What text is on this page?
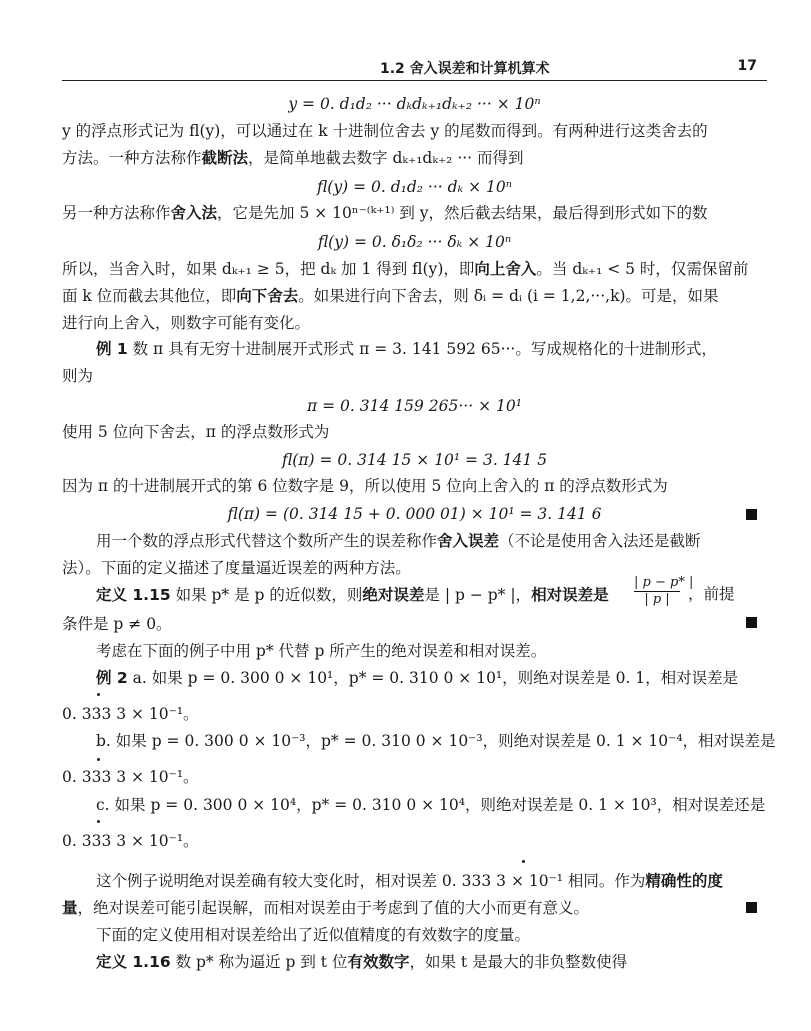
1.2 舍入误差和计算机算术	17
y = 0. d₁d₂ ··· dₖdₖ₊₁dₖ₊₂ ··· × 10ⁿ
y 的浮点形式记为 fl(y)，可以通过在 k 十进制位舍去 y 的尾数而得到。有两种进行这类舍去的
方法。一种方法称作截断法，是简单地截去数字 dₖ₊₁dₖ₊₂ ··· 而得到
fl(y) = 0. d₁d₂ ··· dₖ × 10ⁿ
另一种方法称作舍入法，它是先加 5 × 10ⁿ⁻⁽ᵏ⁺¹⁾ 到 y，然后截去结果，最后得到形式如下的数
fl(y) = 0. δ₁δ₂ ··· δₖ × 10ⁿ
所以，当舍入时，如果 dₖ₊₁ ≥ 5，把 dₖ 加 1 得到 fl(y)，即向上舍入。当 dₖ₊₁ < 5 时，仅需保留前
面 k 位而截去其他位，即向下舍去。如果进行向下舍去，则 δᵢ = dᵢ (i = 1,2,···,k)。可是，如果
进行向上舍入，则数字可能有变化。
例 1 数 π 具有无穷十进制展开式形式 π = 3. 141 592 65···。写成规格化的十进制形式，
则为
π = 0. 314 159 265··· × 10¹
使用 5 位向下舍去，π 的浮点数形式为
fl(π) = 0. 314 15 × 10¹ = 3. 141 5
因为 π 的十进制展开式的第 6 位数字是 9，所以使用 5 位向上舍入的 π 的浮点数形式为
fl(π) = (0. 314 15 + 0. 000 01) × 10¹ = 3. 141 6
用一个数的浮点形式代替这个数所产生的误差称作舍入误差（不论是使用舍入法还是截断
法）。下面的定义描述了度量逼近误差的两种方法。
定义 1.15 如果 p* 是 p 的近似数，则绝对误差是 | p − p* |，相对误差是
| p − p* |
| p |	，前提
条件是 p ≠ 0。
考虑在下面的例子中用 p* 代替 p 所产生的绝对误差和相对误差。
例 2 a. 如果 p = 0. 300 0 × 10¹，p* = 0. 310 0 × 10¹，则绝对误差是 0. 1，相对误差是
0. 333 3 × 10⁻¹。
b. 如果 p = 0. 300 0 × 10⁻³，p* = 0. 310 0 × 10⁻³，则绝对误差是 0. 1 × 10⁻⁴，相对误差是
0. 333 3 × 10⁻¹。
c. 如果 p = 0. 300 0 × 10⁴，p* = 0. 310 0 × 10⁴，则绝对误差是 0. 1 × 10³，相对误差还是
0. 333 3 × 10⁻¹。
这个例子说明绝对误差确有较大变化时，相对误差 0. 333 3 × 10⁻¹ 相同。作为精确性的度
量，绝对误差可能引起误解，而相对误差由于考虑到了值的大小而更有意义。
下面的定义使用相对误差给出了近似值精度的有效数字的度量。
定义 1.16 数 p* 称为逼近 p 到 t 位有效数字，如果 t 是最大的非负整数使得
